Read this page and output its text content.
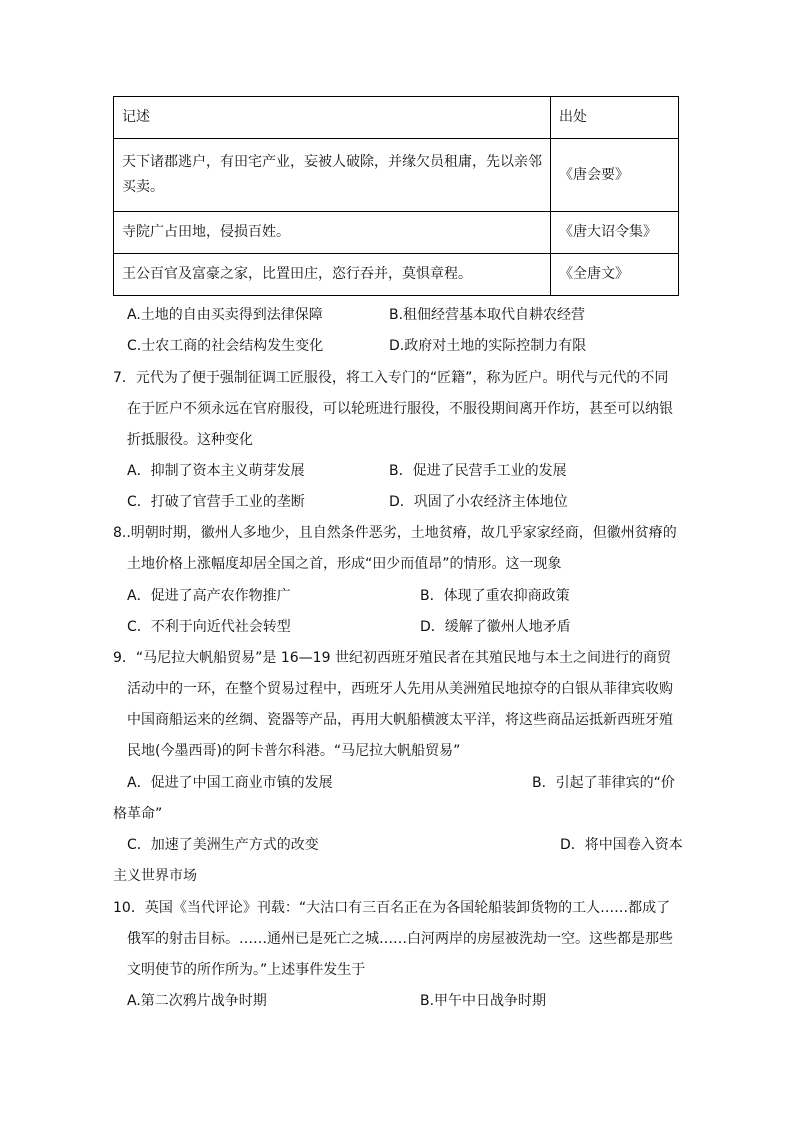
记述	出处

天下诸郡逃户，有田宅产业，妄被人破除，并缘欠员租庸，先以亲邻
买卖。	《唐会要》
寺院广占田地，侵损百姓。	《唐大诏令集》
王公百官及富豪之家，比置田庄，恣行吞并，莫惧章程。	《全唐文》
A.土地的自由买卖得到法律保障	B.租佃经营基本取代自耕农经营
C.士农工商的社会结构发生变化	D.政府对土地的实际控制力有限
7．元代为了便于强制征调工匠服役，将工入专门的“匠籍”，称为匠户。明代与元代的不同
在于匠户不须永远在官府服役，可以轮班进行服役，不服役期间离开作坊，甚至可以纳银
折抵服役。这种变化
A．抑制了资本主义萌芽发展	B．促进了民营手工业的发展
C．打破了官营手工业的垄断	D．巩固了小农经济主体地位
8..明朝时期，徽州人多地少，且自然条件恶劣，土地贫瘠，故几乎家家经商，但徽州贫瘠的
土地价格上涨幅度却居全国之首，形成“田少而值昂”的情形。这一现象
A．促进了高产农作物推广	B．体现了重农抑商政策
C．不利于向近代社会转型	D．缓解了徽州人地矛盾
9．“马尼拉大帆船贸易”是 16—19 世纪初西班牙殖民者在其殖民地与本土之间进行的商贸
活动中的一环，在整个贸易过程中，西班牙人先用从美洲殖民地掠夺的白银从菲律宾收购
中国商船运来的丝绸、瓷器等产品，再用大帆船横渡太平洋，将这些商品运抵新西班牙殖
民地(今墨西哥)的阿卡普尔科港。“马尼拉大帆船贸易”
A．促进了中国工商业市镇的发展	B．引起了菲律宾的“价
格革命”
C．加速了美洲生产方式的改变	D．将中国卷入资本
主义世界市场
10．英国《当代评论》刊载：“大沽口有三百名正在为各国轮船装卸货物的工人……都成了
俄军的射击目标。……通州已是死亡之城……白河两岸的房屋被洗劫一空。这些都是那些
文明使节的所作所为。”上述事件发生于
A.第二次鸦片战争时期	B.甲午中日战争时期
